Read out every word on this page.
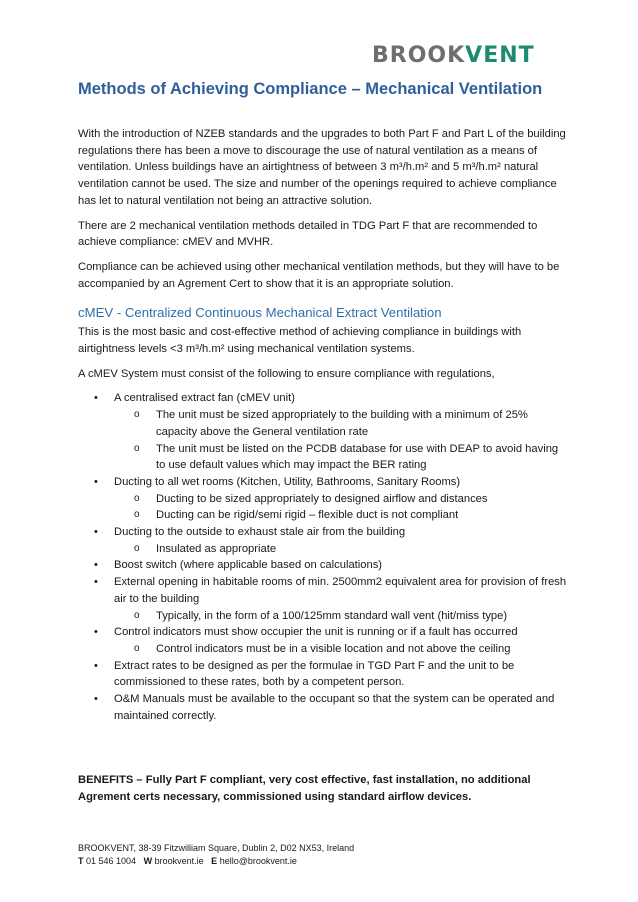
BROOKVENT
Methods of Achieving Compliance – Mechanical Ventilation

With the introduction of NZEB standards and the upgrades to both Part F and Part L of the building regulations there has been a move to discourage the use of natural ventilation as a means of ventilation. Unless buildings have an airtightness of between 3 m³/h.m² and 5 m³/h.m² natural ventilation cannot be used. The size and number of the openings required to achieve compliance has let to natural ventilation not being an attractive solution.

There are 2 mechanical ventilation methods detailed in TDG Part F that are recommended to achieve compliance: cMEV and MVHR.

Compliance can be achieved using other mechanical ventilation methods, but they will have to be accompanied by an Agrement Cert to show that it is an appropriate solution.

cMEV - Centralized Continuous Mechanical Extract Ventilation

This is the most basic and cost-effective method of achieving compliance in buildings with airtightness levels <3 m³/h.m² using mechanical ventilation systems.

A cMEV System must consist of the following to ensure compliance with regulations,

• A centralised extract fan (cMEV unit)
o The unit must be sized appropriately to the building with a minimum of 25% capacity above the General ventilation rate
o The unit must be listed on the PCDB database for use with DEAP to avoid having to use default values which may impact the BER rating
• Ducting to all wet rooms (Kitchen, Utility, Bathrooms, Sanitary Rooms)
o Ducting to be sized appropriately to designed airflow and distances
o Ducting can be rigid/semi rigid – flexible duct is not compliant
• Ducting to the outside to exhaust stale air from the building
o Insulated as appropriate
• Boost switch (where applicable based on calculations)
• External opening in habitable rooms of min. 2500mm2 equivalent area for provision of fresh air to the building
o Typically, in the form of a 100/125mm standard wall vent (hit/miss type)
• Control indicators must show occupier the unit is running or if a fault has occurred
o Control indicators must be in a visible location and not above the ceiling
• Extract rates to be designed as per the formulae in TGD Part F and the unit to be commissioned to these rates, both by a competent person.
• O&M Manuals must be available to the occupant so that the system can be operated and maintained correctly.
BENEFITS – Fully Part F compliant, very cost effective, fast installation, no additional Agrement certs necessary, commissioned using standard airflow devices.
BROOKVENT, 38-39 Fitzwilliam Square, Dublin 2, D02 NX53, Ireland
T 01 546 1004 W brookvent.ie E hello@brookvent.ie
